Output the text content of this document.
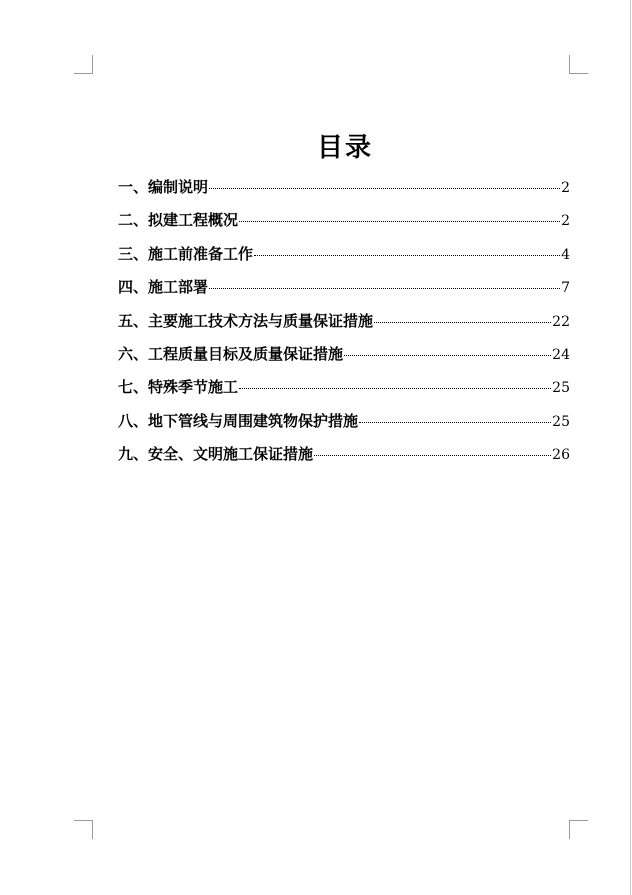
目录
一、编制说明	2
二、拟建工程概况	2
三、施工前准备工作	4
四、施工部署	7
五、主要施工技术方法与质量保证措施	22
六、工程质量目标及质量保证措施	24
七、特殊季节施工	25
八、地下管线与周围建筑物保护措施	25
九、安全、文明施工保证措施	26
